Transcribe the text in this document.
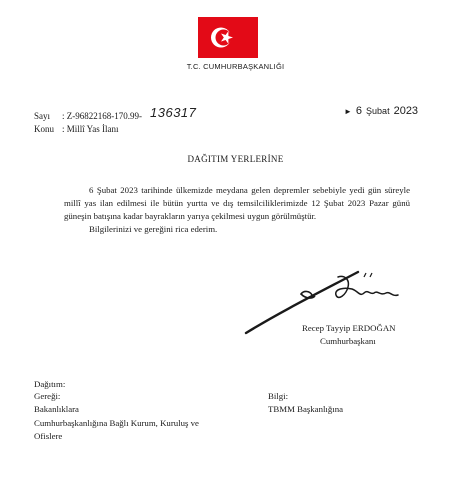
T.C. CUMHURBAŞKANLIĞI
Sayı : Z-96822168-170.99- 136317
Konu : Millî Yas İlanı
► 6 Şubat 2023
DAĞITIM YERLERİNE
6 Şubat 2023 tarihinde ülkemizde meydana gelen depremler sebebiyle yedi gün süreyle
millî yas ilan edilmesi ile bütün yurtta ve dış temsilciliklerimizde 12 Şubat 2023 Pazar günü
güneşin batışına kadar bayrakların yarıya çekilmesi uygun görülmüştür.
Bilgilerinizi ve gereğini rica ederim.
Recep Tayyip ERDOĞAN
Cumhurbaşkanı
Dağıtım:
Gereği:
Bakanlıklara
Cumhurbaşkanlığına Bağlı Kurum, Kuruluş ve
Ofislere
Bilgi:
TBMM Başkanlığına
